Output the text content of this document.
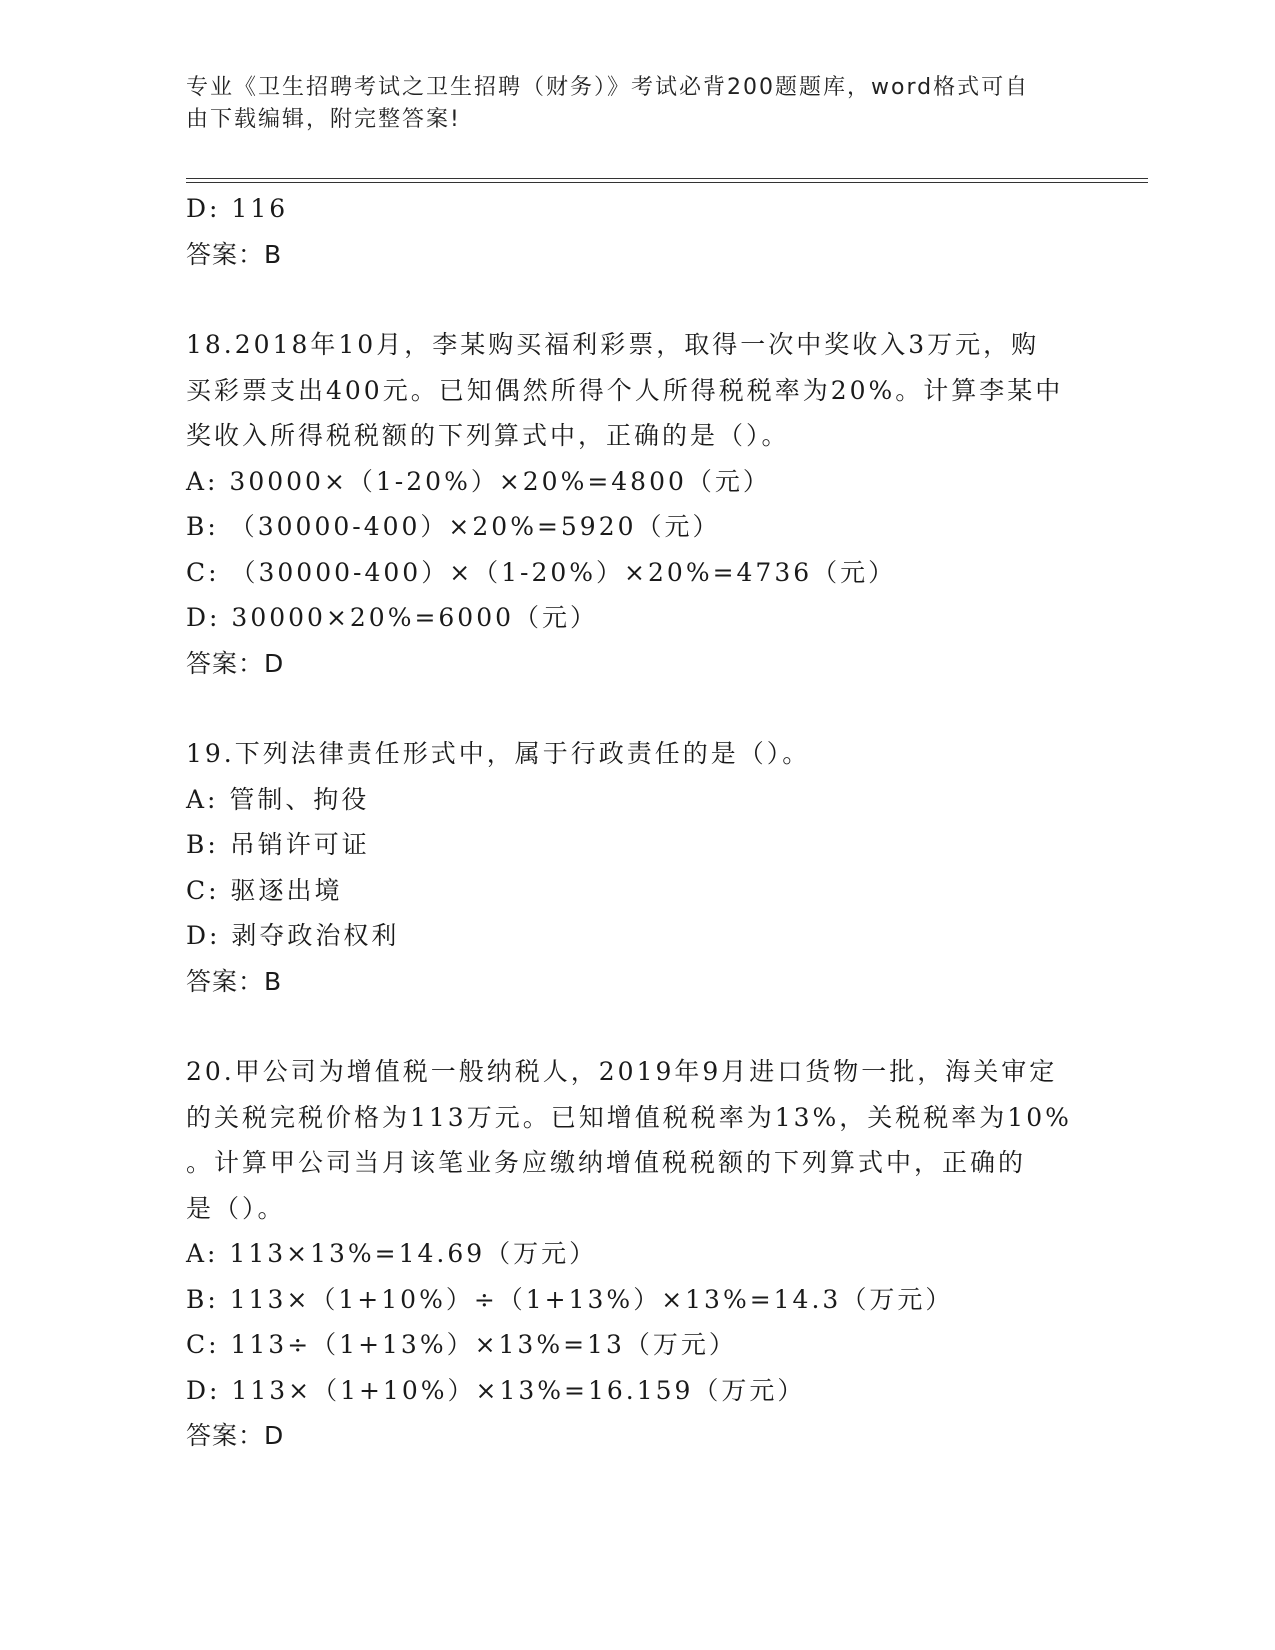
专业《卫生招聘考试之卫生招聘（财务）》考试必背200题题库，word格式可自
由下载编辑，附完整答案!
D: 116
答案：B
18.2018年10月，李某购买福利彩票，取得一次中奖收入3万元，购
买彩票支出400元。已知偶然所得个人所得税税率为20%。计算李某中
奖收入所得税税额的下列算式中，正确的是（）。
A: 30000×（1-20%）×20%=4800（元）
B: （30000-400）×20%=5920（元）
C: （30000-400）×（1-20%）×20%=4736（元）
D: 30000×20%=6000（元）
答案：D
19.下列法律责任形式中，属于行政责任的是（）。
A: 管制、拘役
B: 吊销许可证
C: 驱逐出境
D: 剥夺政治权利
答案：B
20.甲公司为增值税一般纳税人，2019年9月进口货物一批，海关审定
的关税完税价格为113万元。已知增值税税率为13%，关税税率为10%
。计算甲公司当月该笔业务应缴纳增值税税额的下列算式中，正确的
是（）。
A: 113×13%=14.69（万元）
B: 113×（1+10%）÷（1+13%）×13%=14.3（万元）
C: 113÷（1+13%）×13%=13（万元）
D: 113×（1+10%）×13%=16.159（万元）
答案：D
